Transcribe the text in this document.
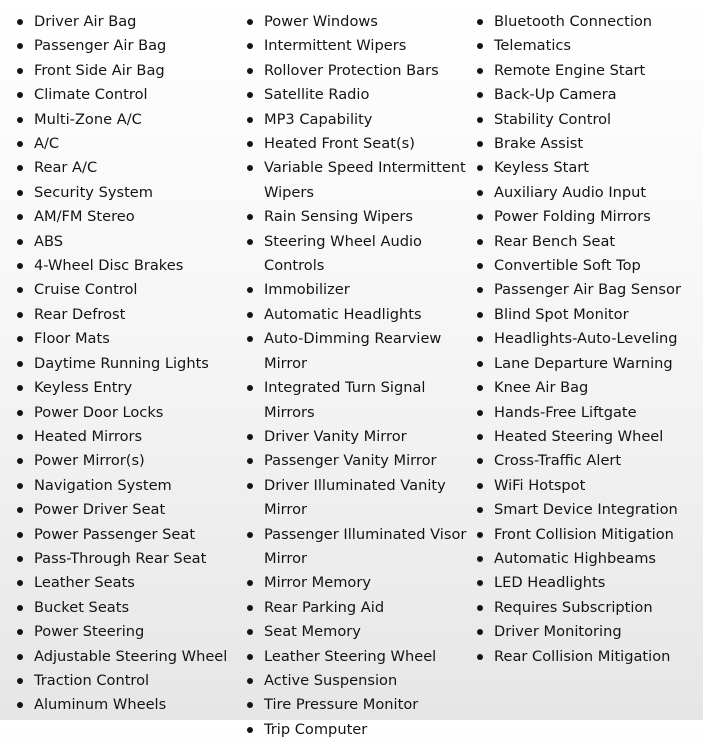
Driver Air Bag
Passenger Air Bag
Front Side Air Bag
Climate Control
Multi-Zone A/C
A/C
Rear A/C
Security System
AM/FM Stereo
ABS
4-Wheel Disc Brakes
Cruise Control
Rear Defrost
Floor Mats
Daytime Running Lights
Keyless Entry
Power Door Locks
Heated Mirrors
Power Mirror(s)
Navigation System
Power Driver Seat
Power Passenger Seat
Pass-Through Rear Seat
Leather Seats
Bucket Seats
Power Steering
Adjustable Steering Wheel
Traction Control
Aluminum Wheels
Power Windows
Intermittent Wipers
Rollover Protection Bars
Satellite Radio
MP3 Capability
Heated Front Seat(s)
Variable Speed Intermittent Wipers
Rain Sensing Wipers
Steering Wheel Audio Controls
Immobilizer
Automatic Headlights
Auto-Dimming Rearview Mirror
Integrated Turn Signal Mirrors
Driver Vanity Mirror
Passenger Vanity Mirror
Driver Illuminated Vanity Mirror
Passenger Illuminated Visor Mirror
Mirror Memory
Rear Parking Aid
Seat Memory
Leather Steering Wheel
Active Suspension
Tire Pressure Monitor
Trip Computer
Bluetooth Connection
Telematics
Remote Engine Start
Back-Up Camera
Stability Control
Brake Assist
Keyless Start
Auxiliary Audio Input
Power Folding Mirrors
Rear Bench Seat
Convertible Soft Top
Passenger Air Bag Sensor
Blind Spot Monitor
Headlights-Auto-Leveling
Lane Departure Warning
Knee Air Bag
Hands-Free Liftgate
Heated Steering Wheel
Cross-Traffic Alert
WiFi Hotspot
Smart Device Integration
Front Collision Mitigation
Automatic Highbeams
LED Headlights
Requires Subscription
Driver Monitoring
Rear Collision Mitigation
